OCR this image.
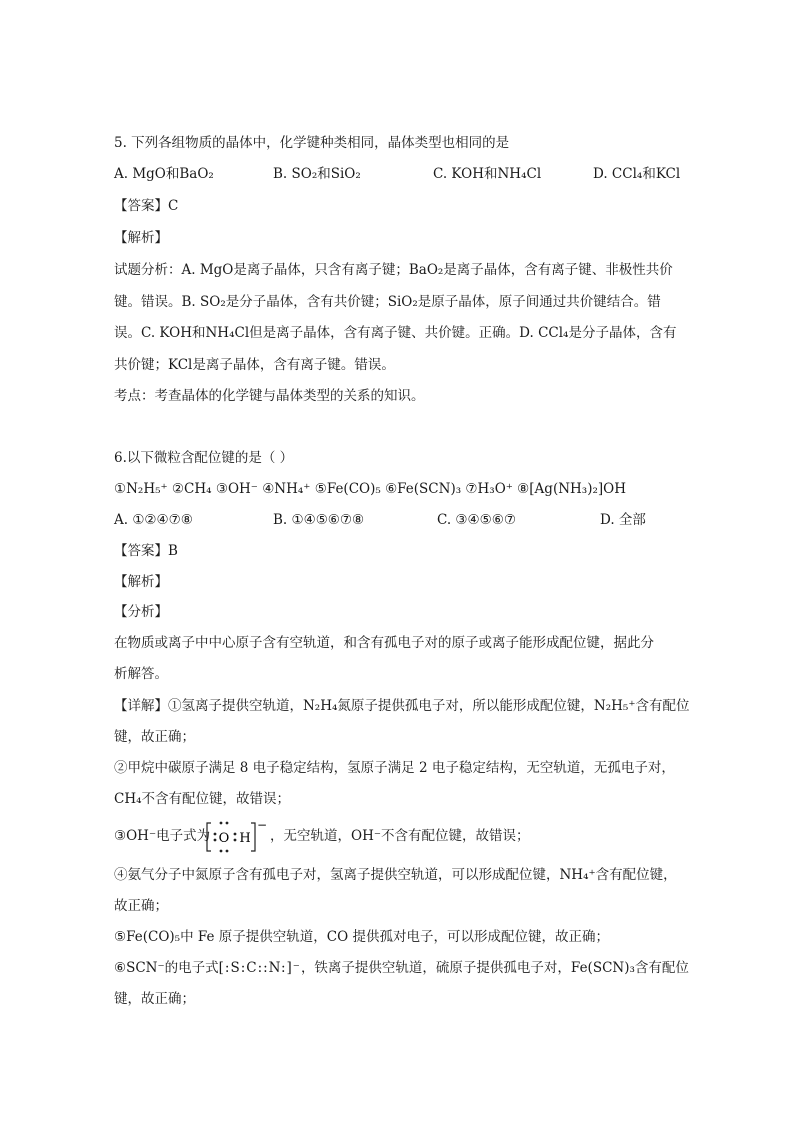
5. 下列各组物质的晶体中，化学键种类相同，晶体类型也相同的是
A. MgO和BaO₂	B. SO₂和SiO₂	C. KOH和NH₄Cl	D. CCl₄和KCl
【答案】C
【解析】
试题分析：A. MgO是离子晶体，只含有离子键；BaO₂是离子晶体，含有离子键、非极性共价
键。错误。B. SO₂是分子晶体，含有共价键；SiO₂是原子晶体，原子间通过共价键结合。错
误。C. KOH和NH₄Cl但是离子晶体，含有离子键、共价键。正确。D. CCl₄是分子晶体，含有
共价键；KCl是离子晶体，含有离子键。错误。
考点：考查晶体的化学键与晶体类型的关系的知识。
6.以下微粒含配位键的是（ ）
①N₂H₅⁺ ②CH₄ ③OH⁻ ④NH₄⁺ ⑤Fe(CO)₅ ⑥Fe(SCN)₃ ⑦H₃O⁺ ⑧[Ag(NH₃)₂]OH
A. ①②④⑦⑧	B. ①④⑤⑥⑦⑧	C. ③④⑤⑥⑦	D. 全部
【答案】B
【解析】
【分析】
在物质或离子中中心原子含有空轨道，和含有孤电子对的原子或离子能形成配位键，据此分
析解答。
【详解】①氢离子提供空轨道，N₂H₄氮原子提供孤电子对，所以能形成配位键，N₂H₅⁺含有配位
键，故正确；
②甲烷中碳原子满足 8 电子稳定结构，氢原子满足 2 电子稳定结构，无空轨道，无孤电子对，
CH₄不含有配位键，故错误；
③OH⁻电子式为 O H
−
，无空轨道，OH⁻不含有配位键，故错误；
④氨气分子中氮原子含有孤电子对，氢离子提供空轨道，可以形成配位键，NH₄⁺含有配位键，
故正确；
⑤Fe(CO)₅中 Fe 原子提供空轨道，CO 提供孤对电子，可以形成配位键，故正确；
⑥SCN⁻的电子式[:S:C::N:]⁻，铁离子提供空轨道，硫原子提供孤电子对，Fe(SCN)₃含有配位
键，故正确；
